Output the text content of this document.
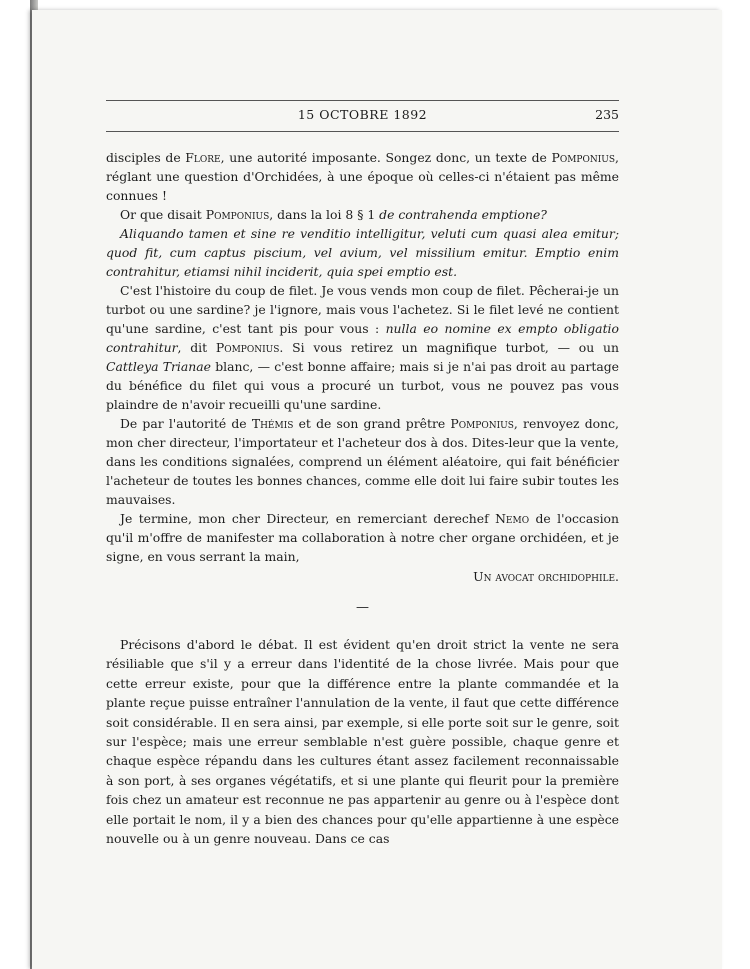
15 OCTOBRE 1892	235

disciples de Flore, une autorité imposante. Songez donc, un texte de Pomponius, réglant une question d'Orchidées, à une époque où celles-ci n'étaient pas même connues !

Or que disait Pomponius, dans la loi 8 § 1 de contrahenda emptione?

Aliquando tamen et sine re venditio intelligitur, veluti cum quasi alea emitur; quod fit, cum captus piscium, vel avium, vel missilium emitur. Emptio enim contrahitur, etiamsi nihil inciderit, quia spei emptio est.

C'est l'histoire du coup de filet. Je vous vends mon coup de filet. Pêcherai-je un turbot ou une sardine? je l'ignore, mais vous l'achetez. Si le filet levé ne contient qu'une sardine, c'est tant pis pour vous : nulla eo nomine ex empto obligatio contrahitur, dit Pomponius. Si vous retirez un magnifique turbot, — ou un Cattleya Trianae blanc, — c'est bonne affaire; mais si je n'ai pas droit au partage du bénéfice du filet qui vous a procuré un turbot, vous ne pouvez pas vous plaindre de n'avoir recueilli qu'une sardine.

De par l'autorité de Thémis et de son grand prêtre Pomponius, renvoyez donc, mon cher directeur, l'importateur et l'acheteur dos à dos. Dites-leur que la vente, dans les conditions signalées, comprend un élément aléatoire, qui fait bénéficier l'acheteur de toutes les bonnes chances, comme elle doit lui faire subir toutes les mauvaises.

Je termine, mon cher Directeur, en remerciant derechef Nemo de l'occasion qu'il m'offre de manifester ma collaboration à notre cher organe orchidéen, et je signe, en vous serrant la main,

Un avocat orchidophile.

—

Précisons d'abord le débat. Il est évident qu'en droit strict la vente ne sera résiliable que s'il y a erreur dans l'identité de la chose livrée. Mais pour que cette erreur existe, pour que la différence entre la plante commandée et la plante reçue puisse entraîner l'annulation de la vente, il faut que cette différence soit considérable. Il en sera ainsi, par exemple, si elle porte soit sur le genre, soit sur l'espèce; mais une erreur semblable n'est guère possible, chaque genre et chaque espèce répandu dans les cultures étant assez facilement reconnaissable à son port, à ses organes végétatifs, et si une plante qui fleurit pour la première fois chez un amateur est reconnue ne pas appartenir au genre ou à l'espèce dont elle portait le nom, il y a bien des chances pour qu'elle appartienne à une espèce nouvelle ou à un genre nouveau. Dans ce cas
